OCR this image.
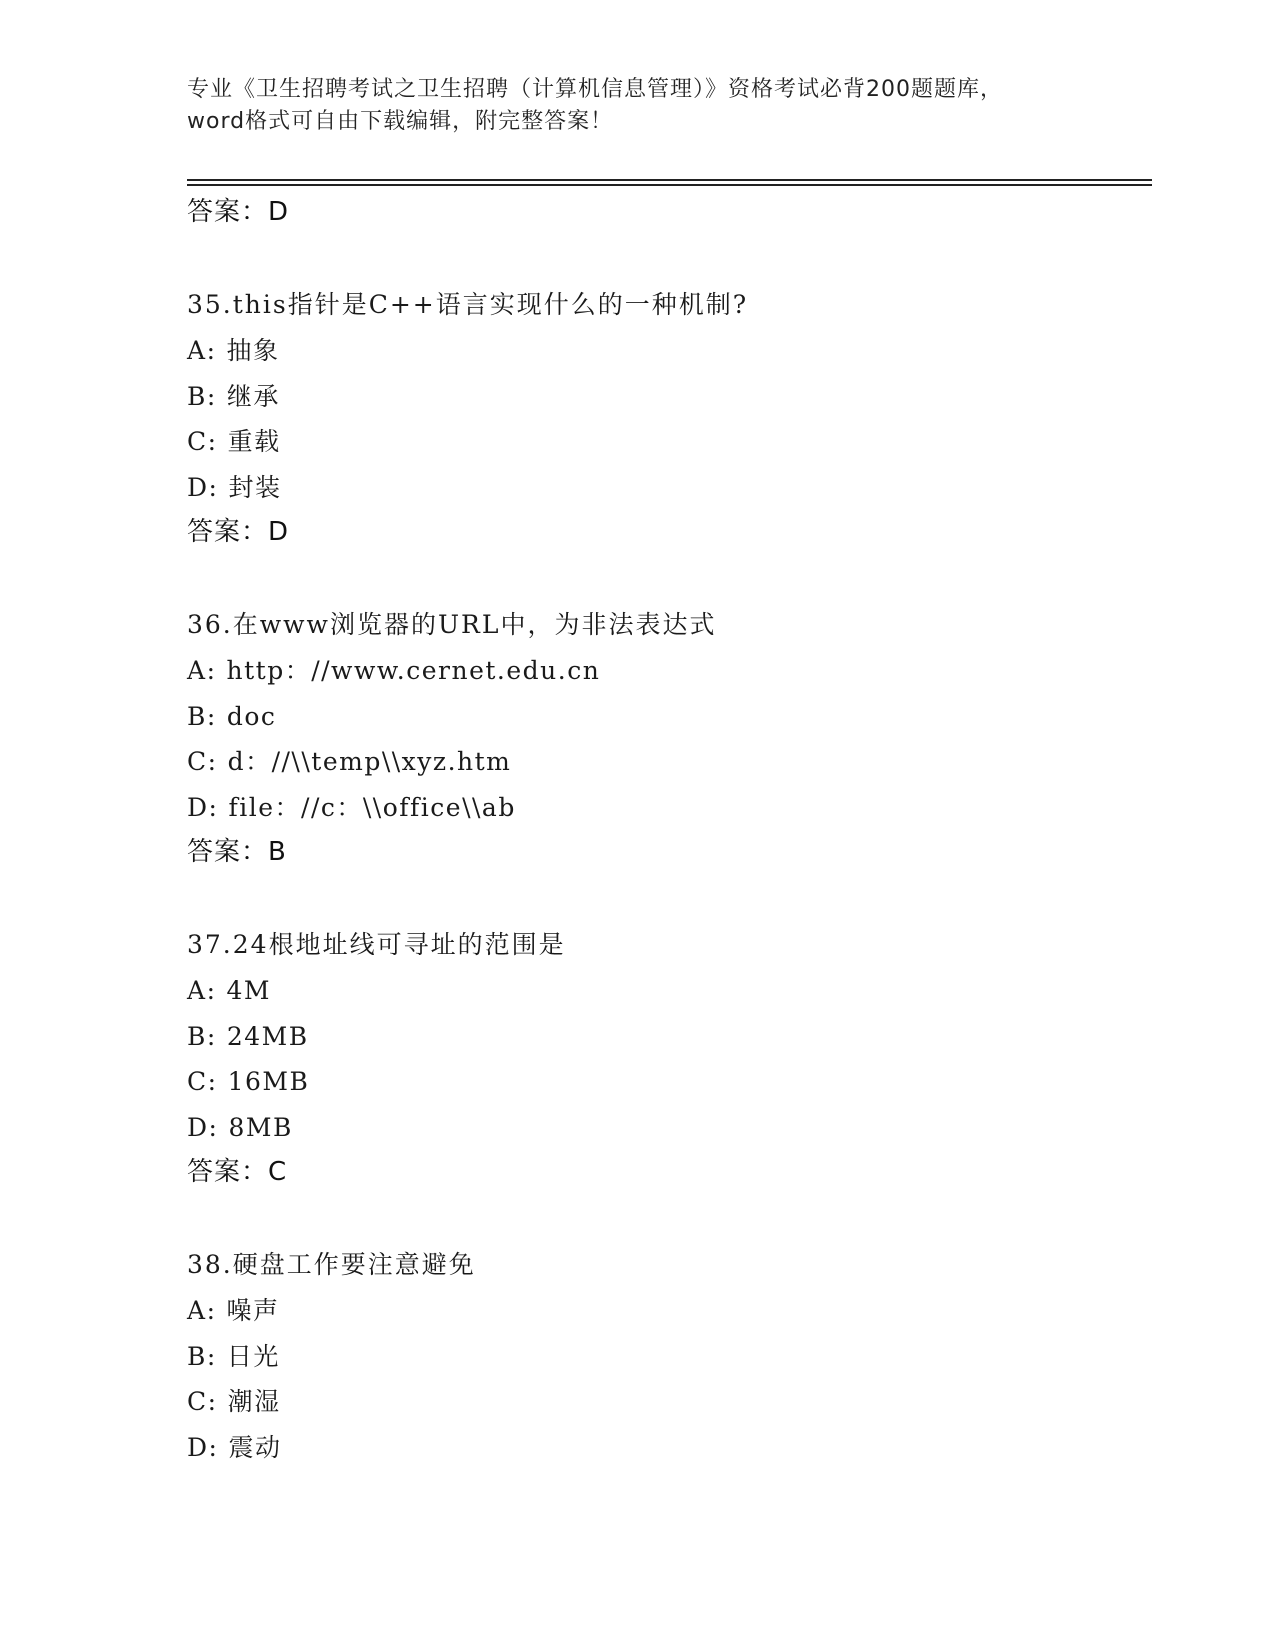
专业《卫生招聘考试之卫生招聘（计算机信息管理）》资格考试必背200题题库，
word格式可自由下载编辑，附完整答案！
答案：D
35.this指针是C++语言实现什么的一种机制?
A: 抽象
B: 继承
C: 重载
D: 封装
答案：D
36.在www浏览器的URL中，为非法表达式
A: http：//www.cernet.edu.cn
B: doc
C: d：//\\temp\\xyz.htm
D: file：//c：\\office\\ab
答案：B
37.24根地址线可寻址的范围是
A: 4M
B: 24MB
C: 16MB
D: 8MB
答案：C
38.硬盘工作要注意避免
A: 噪声
B: 日光
C: 潮湿
D: 震动
